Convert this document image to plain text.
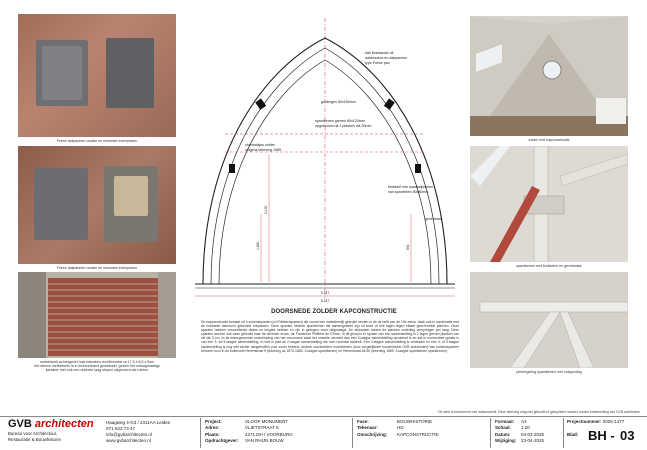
Friese dakpannen oudste en nieuwste exemplaren
Friese dakpannen oudste en nieuwste exemplaren
metselwerk achtergevel hols baksteen rechtformaat ca 17,5 x 8,5 x 5cm
het steens metselwerk is in kruisverband gemetseld, gezien het ontsagmaatige
karakter met ook een dobbele laag stopen uitgevoerd als ruimen
zolder met kapconstructie
spantbenen met blokkelen en gevelankar
printregeling spantbenen met nokgording
dak bestaande uit
dakbeschot en dakpannen
type Friese pan
gordingen 80x160mm
spantbenen grenen 80x120mm
opgebouwd uit 2 planken dik 30mm
vloerbalkjes zolder
volgens tekening 1989
blokkeel een waarsbijdzelen
van spantbeen 80x80mm
gevelanker
9.247
9.247
2.130
1.840	640
DOORSNEDE ZOLDER KAPCONSTRUCTIE
De kapconstructie bestaat uit 4 schenkspanten (of Philibertspanten) die vooral een natiesterstijl gebruikt nemen in de de helft van de 19e eeuw. Vaak ook in combinatie met de markante damvorm gebruikte toepassen. Deze spanten hebben spantbenen die samengesteld zijn uit twee of drie lagen tegen elkaar geschroefde planken. Deze spanten hebben verschillende dintes en lengtes hebben en zijn in gebogen vorm uitgezaagd. De afstanden tussen de planken onderling verspringen per laag. Deze spanten worden ook vaak gebruikt naar de uitvinder ervan, de Fransman Philibert de l'Orme. In dit geval is er sprake van een samenstelling in 2 lagen grenen planken van elk dik 3 cm. In de tedengevoerde omschrijving van het monument staat het omsetle vermeld dan een 3-laagse samenstelling opvarend is en dat er momenteel sprake is van een 3- tot 5-laagse samenstelling. In met is juist de 2-laagse samenstelling die men normaal aantreft. Een 3-laagse samenstelling is zeldzaam en een 4- of 5-laagse samenstelling is nog niet eerder aangetroffen voor zover bekend. Andere voorbeelden voorbeelden (door vergelijkbare bouwhistorie GVB architecten) van schenkspanten behoren toch in de buitenwet Herenstraat 9 (tekening ca 1870-1880, 3-laagse spantbenen) en Herenstraat 48-50 (tekening 1889, 3-laagse spantbenen spantbenen).
Dit werk is beschermd met auteursrecht. Deze tekening mag niet gebruikt of gekopieerd worden zonder toestemming van GVB architecten
GVB architecten
Bureau voor Architectuur,
Restauratie & Bouwhistorie
Haagweg 4-G3 / 2311AA Leiden
071-523 73 47
info@gvbarchitecten.nl
www.gvbarchitecten.nl
Project:	SLOOP MONUMENT
Adres:	VLIETSTRAAT 6
Plaats:	2271 DH / VOORBURG
Opdrachtgever: VAN RHIJN BOUW
Fase:	BOUWHISTORIE
Tekenaar:	HG
Omschrijving: KAPCONSTRUCTIE
Formaat: A3
Schaal: 1:20
Datum: 04-03-2025
Wijziging: 23-04-2025
Projectnummer: 2025-1477
Blad: BH - 03
